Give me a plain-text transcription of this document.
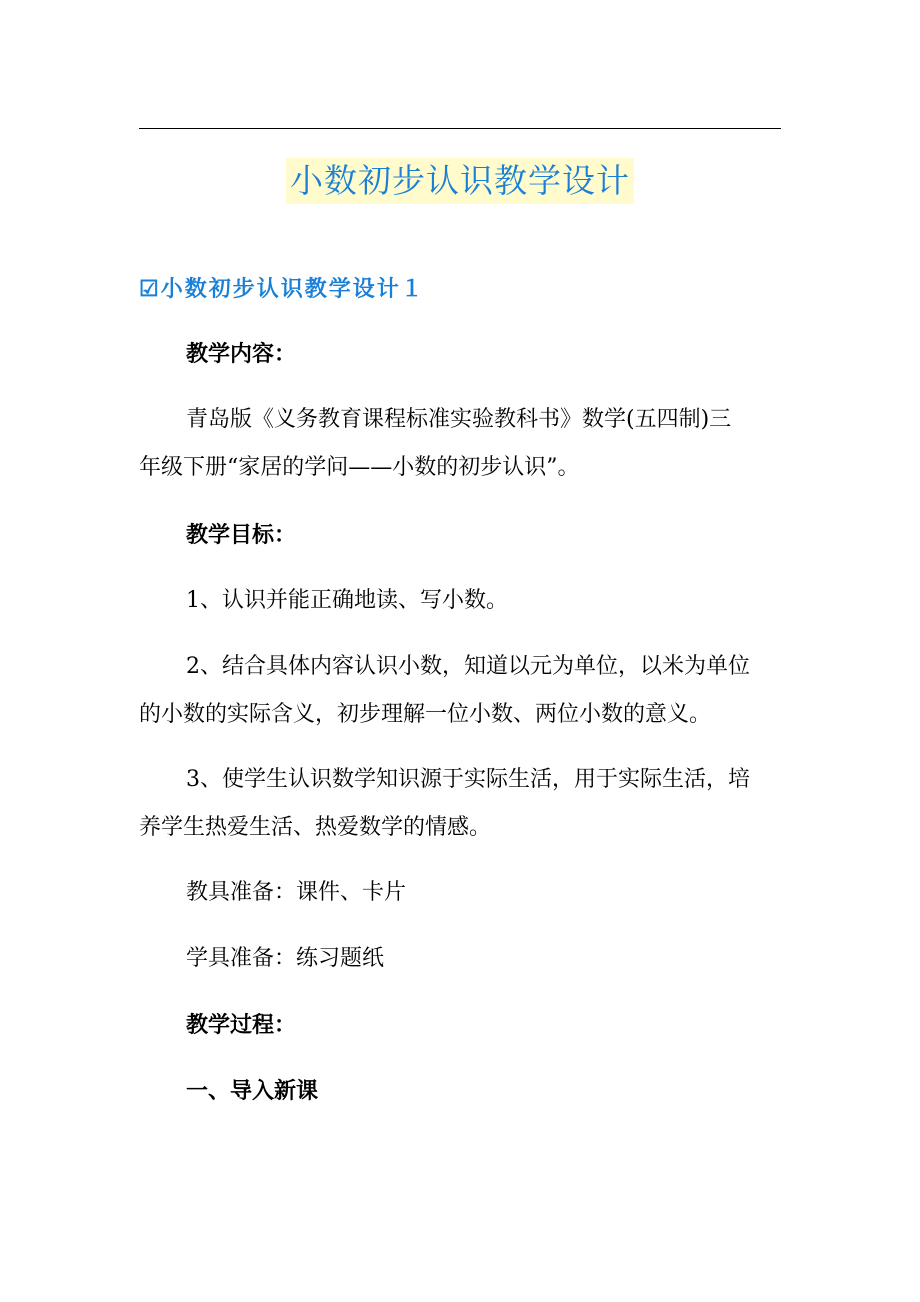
小数初步认识教学设计
☑小数初步认识教学设计１
教学内容：
青岛版《义务教育课程标准实验教科书》数学(五四制)三
年级下册“家居的学问——小数的初步认识”。
教学目标：
1、认识并能正确地读、写小数。
2、结合具体内容认识小数，知道以元为单位，以米为单位
的小数的实际含义，初步理解一位小数、两位小数的意义。
3、使学生认识数学知识源于实际生活，用于实际生活，培
养学生热爱生活、热爱数学的情感。
教具准备：课件、卡片
学具准备：练习题纸
教学过程：
一、导入新课
